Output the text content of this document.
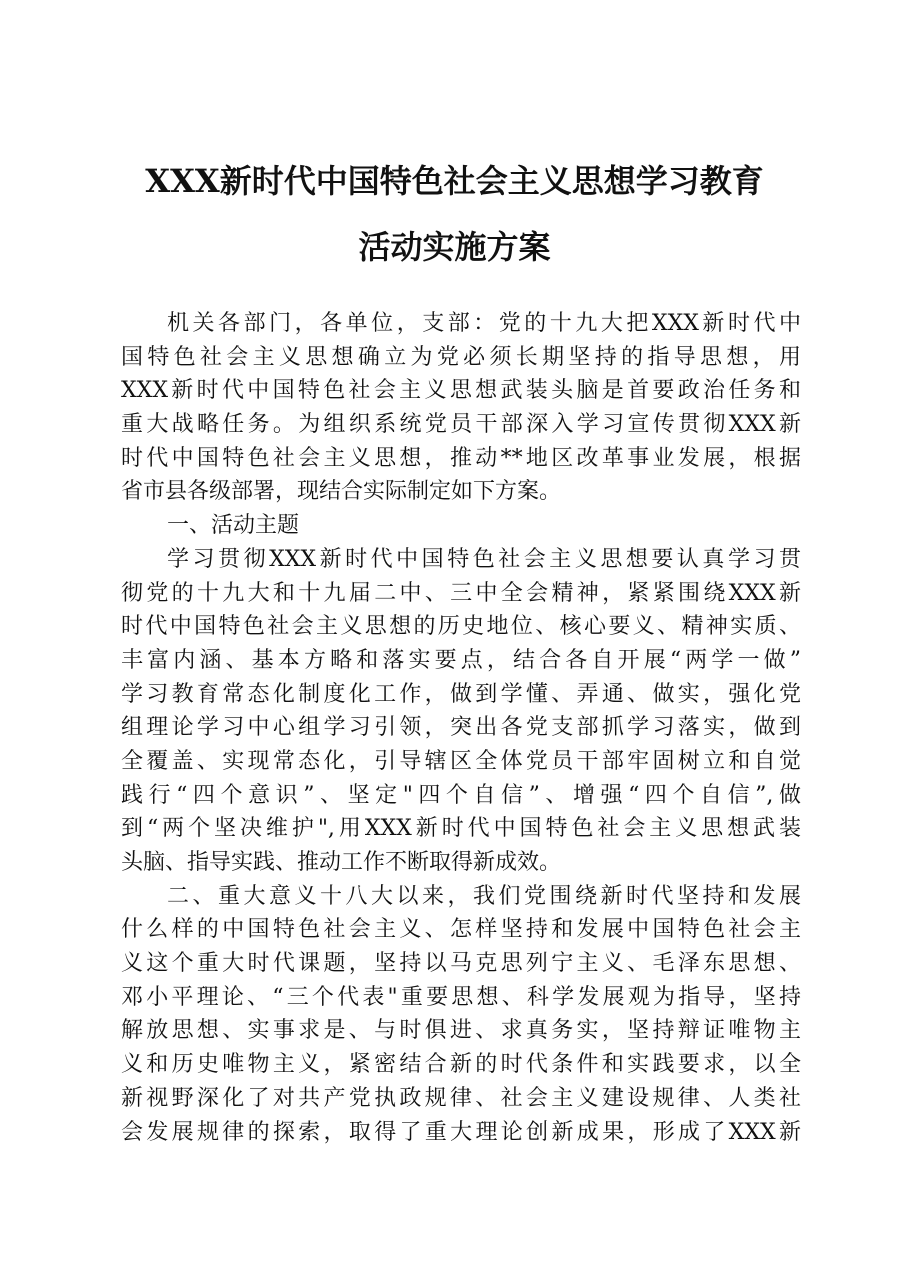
XXX新时代中国特色社会主义思想学习教育
活动实施方案
机关各部门，各单位，支部：党的十九大把XXX新时代中
国特色社会主义思想确立为党必须长期坚持的指导思想，用
XXX新时代中国特色社会主义思想武装头脑是首要政治任务和
重大战略任务。为组织系统党员干部深入学习宣传贯彻XXX新
时代中国特色社会主义思想，推动**地区改革事业发展，根据
省市县各级部署，现结合实际制定如下方案。
一、活动主题
学习贯彻XXX新时代中国特色社会主义思想要认真学习贯
彻党的十九大和十九届二中、三中全会精神，紧紧围绕XXX新
时代中国特色社会主义思想的历史地位、核心要义、精神实质、
丰富内涵、基本方略和落实要点，结合各自开展“两学一做”
学习教育常态化制度化工作，做到学懂、弄通、做实，强化党
组理论学习中心组学习引领，突出各党支部抓学习落实，做到
全覆盖、实现常态化，引导辖区全体党员干部牢固树立和自觉
践行“四个意识”、坚定"四个自信”、增强“四个自信”,做
到“两个坚决维护",用XXX新时代中国特色社会主义思想武装
头脑、指导实践、推动工作不断取得新成效。
二、重大意义十八大以来，我们党围绕新时代坚持和发展
什么样的中国特色社会主义、怎样坚持和发展中国特色社会主
义这个重大时代课题，坚持以马克思列宁主义、毛泽东思想、
邓小平理论、“三个代表"重要思想、科学发展观为指导，坚持
解放思想、实事求是、与时俱进、求真务实，坚持辩证唯物主
义和历史唯物主义，紧密结合新的时代条件和实践要求，以全
新视野深化了对共产党执政规律、社会主义建设规律、人类社
会发展规律的探索，取得了重大理论创新成果，形成了XXX新
